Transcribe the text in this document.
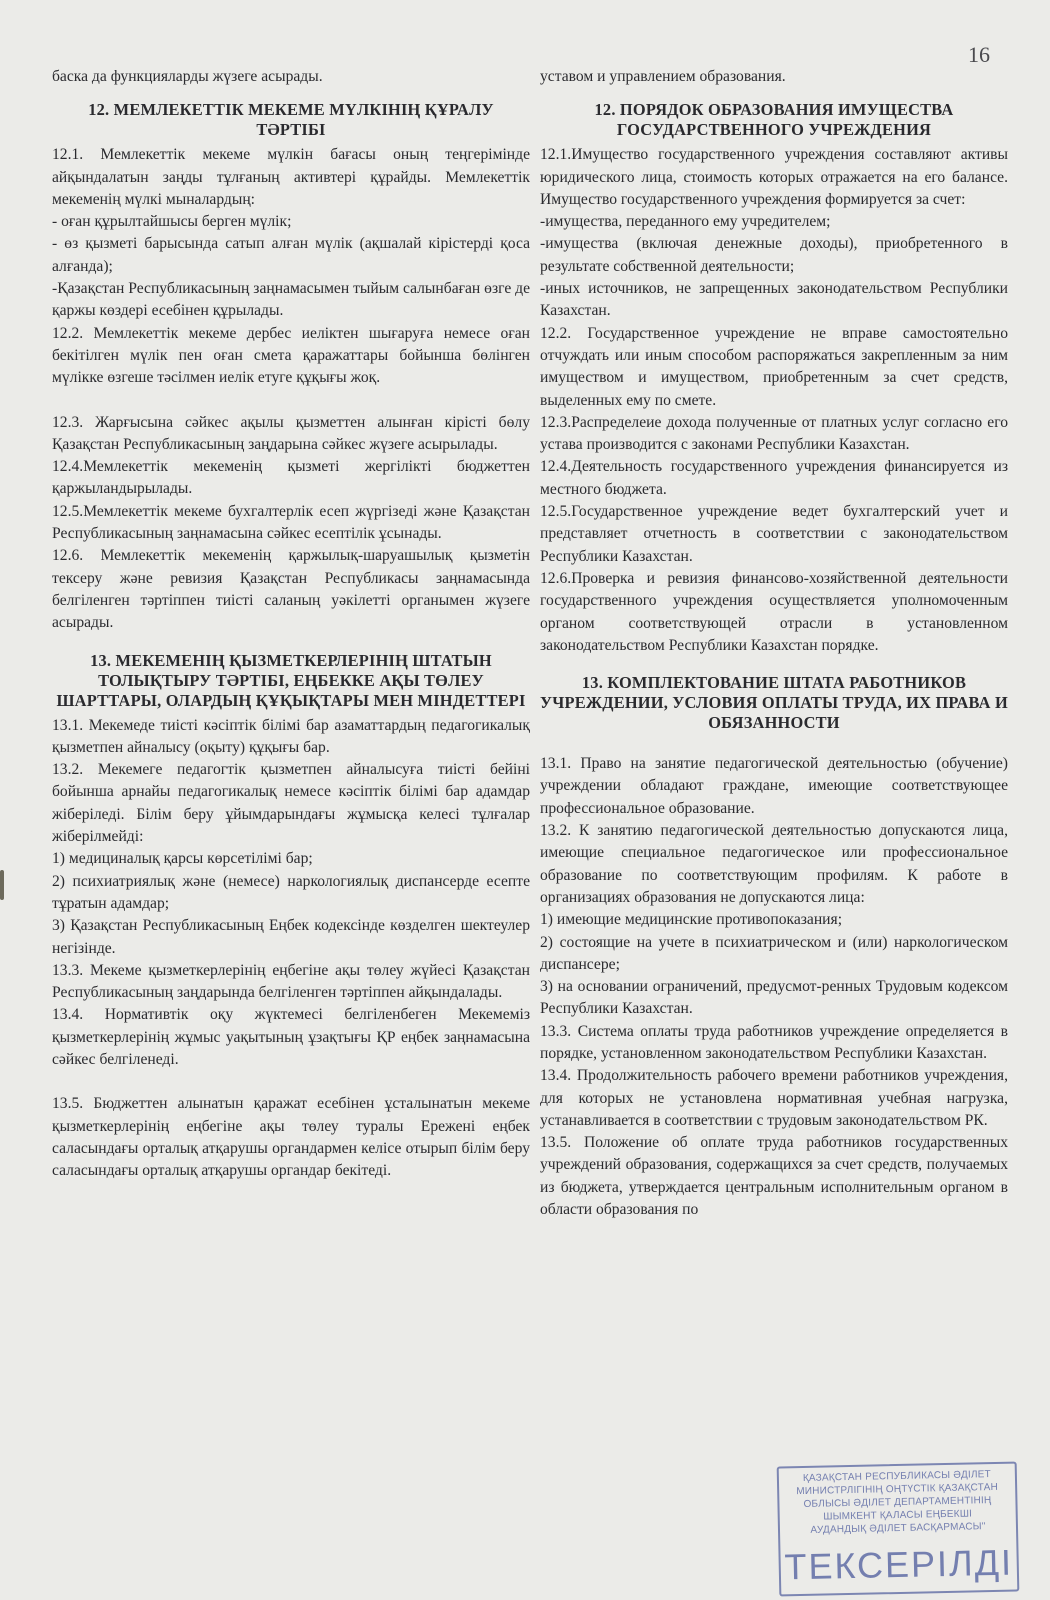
16

баска да функцияларды жүзеге асырады.

12. МЕМЛЕКЕТТІК МЕКЕМЕ МҮЛКІНІҢ ҚҰРАЛУ ТӘРТІБІ

12.1. Мемлекеттік мекеме мүлкін бағасы оның теңгерімінде айқындалатын заңды тұлғаның активтері құрайды. Мемлекеттік мекеменің мүлкі мыналардың:

- оған құрылтайшысы берген мүлік;

- өз қызметі барысында сатып алған мүлік (ақшалай кірістерді қоса алғанда);

-Қазақстан Республикасының заңнамасымен тыйым салынбаған өзге де қаржы көздері есебінен құрылады.

12.2. Мемлекеттік мекеме дербес иеліктен шығаруға немесе оған бекітілген мүлік пен оған смета қаражаттары бойынша бөлінген мүлікке өзгеше тәсілмен иелік етуге құқығы жоқ.

12.3. Жарғысына сәйкес ақылы қызметтен алынған кірісті бөлу Қазақстан Республикасының заңдарына сәйкес жүзеге асырылады.

12.4.Мемлекеттік мекеменің қызметі жергілікті бюджеттен қаржыландырылады.

12.5.Мемлекеттік мекеме бухгалтерлік есеп жүргізеді және Қазақстан Республикасының заңнамасына сәйкес есептілік ұсынады.

12.6. Мемлекеттік мекеменің қаржылық-шаруашылық қызметін тексеру және ревизия Қазақстан Республикасы заңнамасында белгіленген тәртіппен тиісті саланың уәкілетті органымен жүзеге асырады.

13. МЕКЕМЕНІҢ ҚЫЗМЕТКЕРЛЕРІНІҢ ШТАТЫН ТОЛЫҚТЫРУ ТӘРТІБІ, ЕҢБЕККЕ АҚЫ ТӨЛЕУ ШАРТТАРЫ, ОЛАРДЫҢ ҚҰҚЫҚТАРЫ МЕН МІНДЕТТЕРІ

13.1. Мекемеде тиісті кәсіптік білімі бар азаматтардың педагогикалық қызметпен айналысу (оқыту) құқығы бар.

13.2. Мекемеге педагогтік қызметпен айналысуға тиісті бейіні бойынша арнайы педагогикалық немесе кәсіптік білімі бар адамдар жіберіледі. Білім беру ұйымдарындағы жұмысқа келесі тұлғалар жіберілмейді:

1) медициналық қарсы көрсетілімі бар;

2) психиатриялық және (немесе) наркологиялық диспансерде есепте тұратын адамдар;

3) Қазақстан Республикасының Еңбек кодексінде көзделген шектеулер негізінде.

13.3. Мекеме қызметкерлерінің еңбегіне ақы төлеу жүйесі Қазақстан Республикасының заңдарында белгіленген тәртіппен айқындалады.

13.4. Нормативтік оқу жүктемесі белгіленбеген Мекемеміз қызметкерлерінің жұмыс уақытының ұзақтығы ҚР еңбек заңнамасына сәйкес белгіленеді.

13.5. Бюджеттен алынатын қаражат есебінен ұсталынатын мекеме қызметкерлерінің еңбегіне ақы төлеу туралы Ережені еңбек саласындағы орталық атқарушы органдармен келісе отырып білім беру саласындағы орталық атқарушы органдар бекітеді.

уставом и управлением образования.

12. ПОРЯДОК ОБРАЗОВАНИЯ ИМУЩЕСТВА ГОСУДАРСТВЕННОГО УЧРЕЖДЕНИЯ

12.1.Имущество государственного учреждения составляют активы юридического лица, стоимость которых отражается на его балансе. Имущество государственного учреждения формируется за счет:

-имущества, переданного ему учредителем;

-имущества (включая денежные доходы), приобретенного в результате собственной деятельности;

-иных источников, не запрещенных законодательством Республики Казахстан.

12.2. Государственное учреждение не вправе самостоятельно отчуждать или иным способом распоряжаться закрепленным за ним имуществом и имуществом, приобретенным за счет средств, выделенных ему по смете.

12.3.Распределеие дохода полученные от платных услуг согласно его устава производится с законами Республики Казахстан.

12.4.Деятельность государственного учреждения финансируется из местного бюджета.

12.5.Государственное учреждение ведет бухгалтерский учет и представляет отчетность в соответствии с законодательством Республики Казахстан.

12.6.Проверка и ревизия финансово-хозяйственной деятельности государственного учреждения осуществляется уполномоченным органом соответствующей отрасли в установленном законодательством Республики Казахстан порядке.

13. КОМПЛЕКТОВАНИЕ ШТАТА РАБОТНИКОВ УЧРЕЖДЕНИИ, УСЛОВИЯ ОПЛАТЫ ТРУДА, ИХ ПРАВА И ОБЯЗАННОСТИ

13.1. Право на занятие педагогической деятельностью (обучение) учреждении обладают граждане, имеющие соответствующее профессиональное образование.

13.2. К занятию педагогической деятельностью допускаются лица, имеющие специальное педагогическое или профессиональное образование по соответствующим профилям. К работе в организациях образования не допускаются лица:

1) имеющие медицинские противопоказания;

2) состоящие на учете в психиатрическом и (или) наркологическом диспансере;

3) на основании ограничений, предусмот-ренных Трудовым кодексом Республики Казахстан.

13.3. Система оплаты труда работников учреждение определяется в порядке, установленном законодательством Республики Казахстан.

13.4. Продолжительность рабочего времени работников учреждения, для которых не установлена нормативная учебная нагрузка, устанавливается в соответствии с трудовым законодательством РК.

13.5. Положение об оплате труда работников государственных учреждений образования, содержащихся за счет средств, получаемых из бюджета, утверждается центральным исполнительным органом в области образования по

ҚАЗАҚСТАН РЕСПУБЛИКАСЫ ӘДІЛЕТ
МИНИСТРЛІГІНІҢ ОҢТҮСТІК ҚАЗАҚСТАН
ОБЛЫСЫ ӘДІЛЕТ ДЕПАРТАМЕНТІНІҢ
ШЫМКЕНТ ҚАЛАСЫ ЕҢБЕКШІ
АУДАНДЫҚ ӘДІЛЕТ БАСҚАРМАСЫ"
ТЕКСЕРІЛДІ
